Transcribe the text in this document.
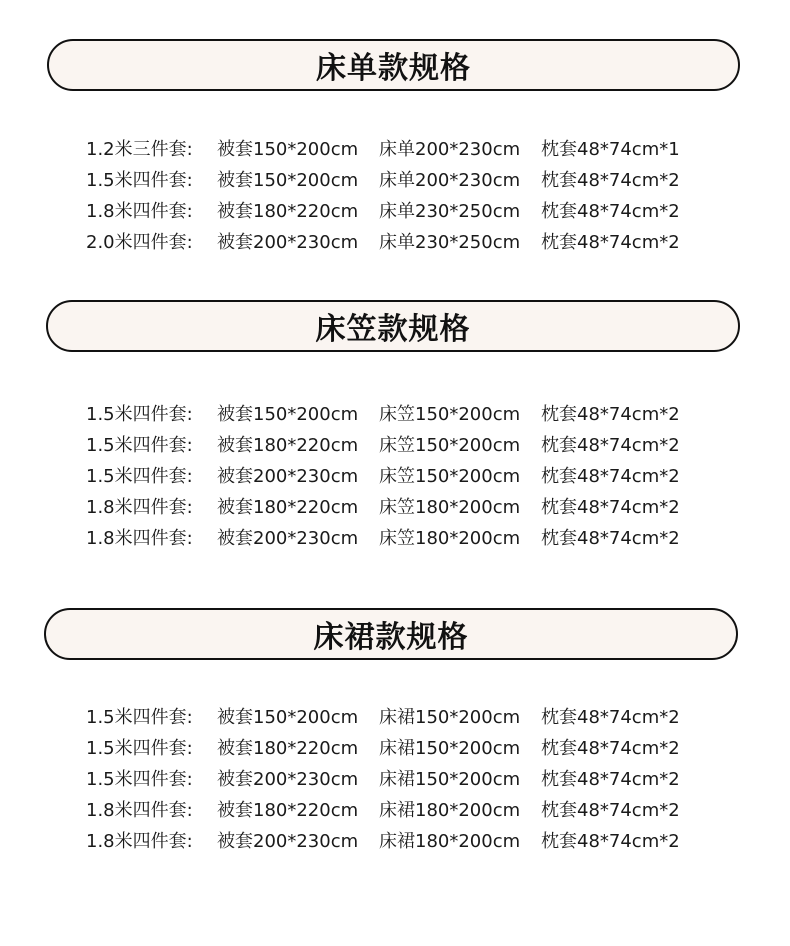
床单款规格
1.2米三件套: 被套150*200cm 床单200*230cm 枕套48*74cm*1
1.5米四件套: 被套150*200cm 床单200*230cm 枕套48*74cm*2
1.8米四件套: 被套180*220cm 床单230*250cm 枕套48*74cm*2
2.0米四件套: 被套200*230cm 床单230*250cm 枕套48*74cm*2
床笠款规格
1.5米四件套: 被套150*200cm 床笠150*200cm 枕套48*74cm*2
1.5米四件套: 被套180*220cm 床笠150*200cm 枕套48*74cm*2
1.5米四件套: 被套200*230cm 床笠150*200cm 枕套48*74cm*2
1.8米四件套: 被套180*220cm 床笠180*200cm 枕套48*74cm*2
1.8米四件套: 被套200*230cm 床笠180*200cm 枕套48*74cm*2
床裙款规格
1.5米四件套: 被套150*200cm 床裙150*200cm 枕套48*74cm*2
1.5米四件套: 被套180*220cm 床裙150*200cm 枕套48*74cm*2
1.5米四件套: 被套200*230cm 床裙150*200cm 枕套48*74cm*2
1.8米四件套: 被套180*220cm 床裙180*200cm 枕套48*74cm*2
1.8米四件套: 被套200*230cm 床裙180*200cm 枕套48*74cm*2
